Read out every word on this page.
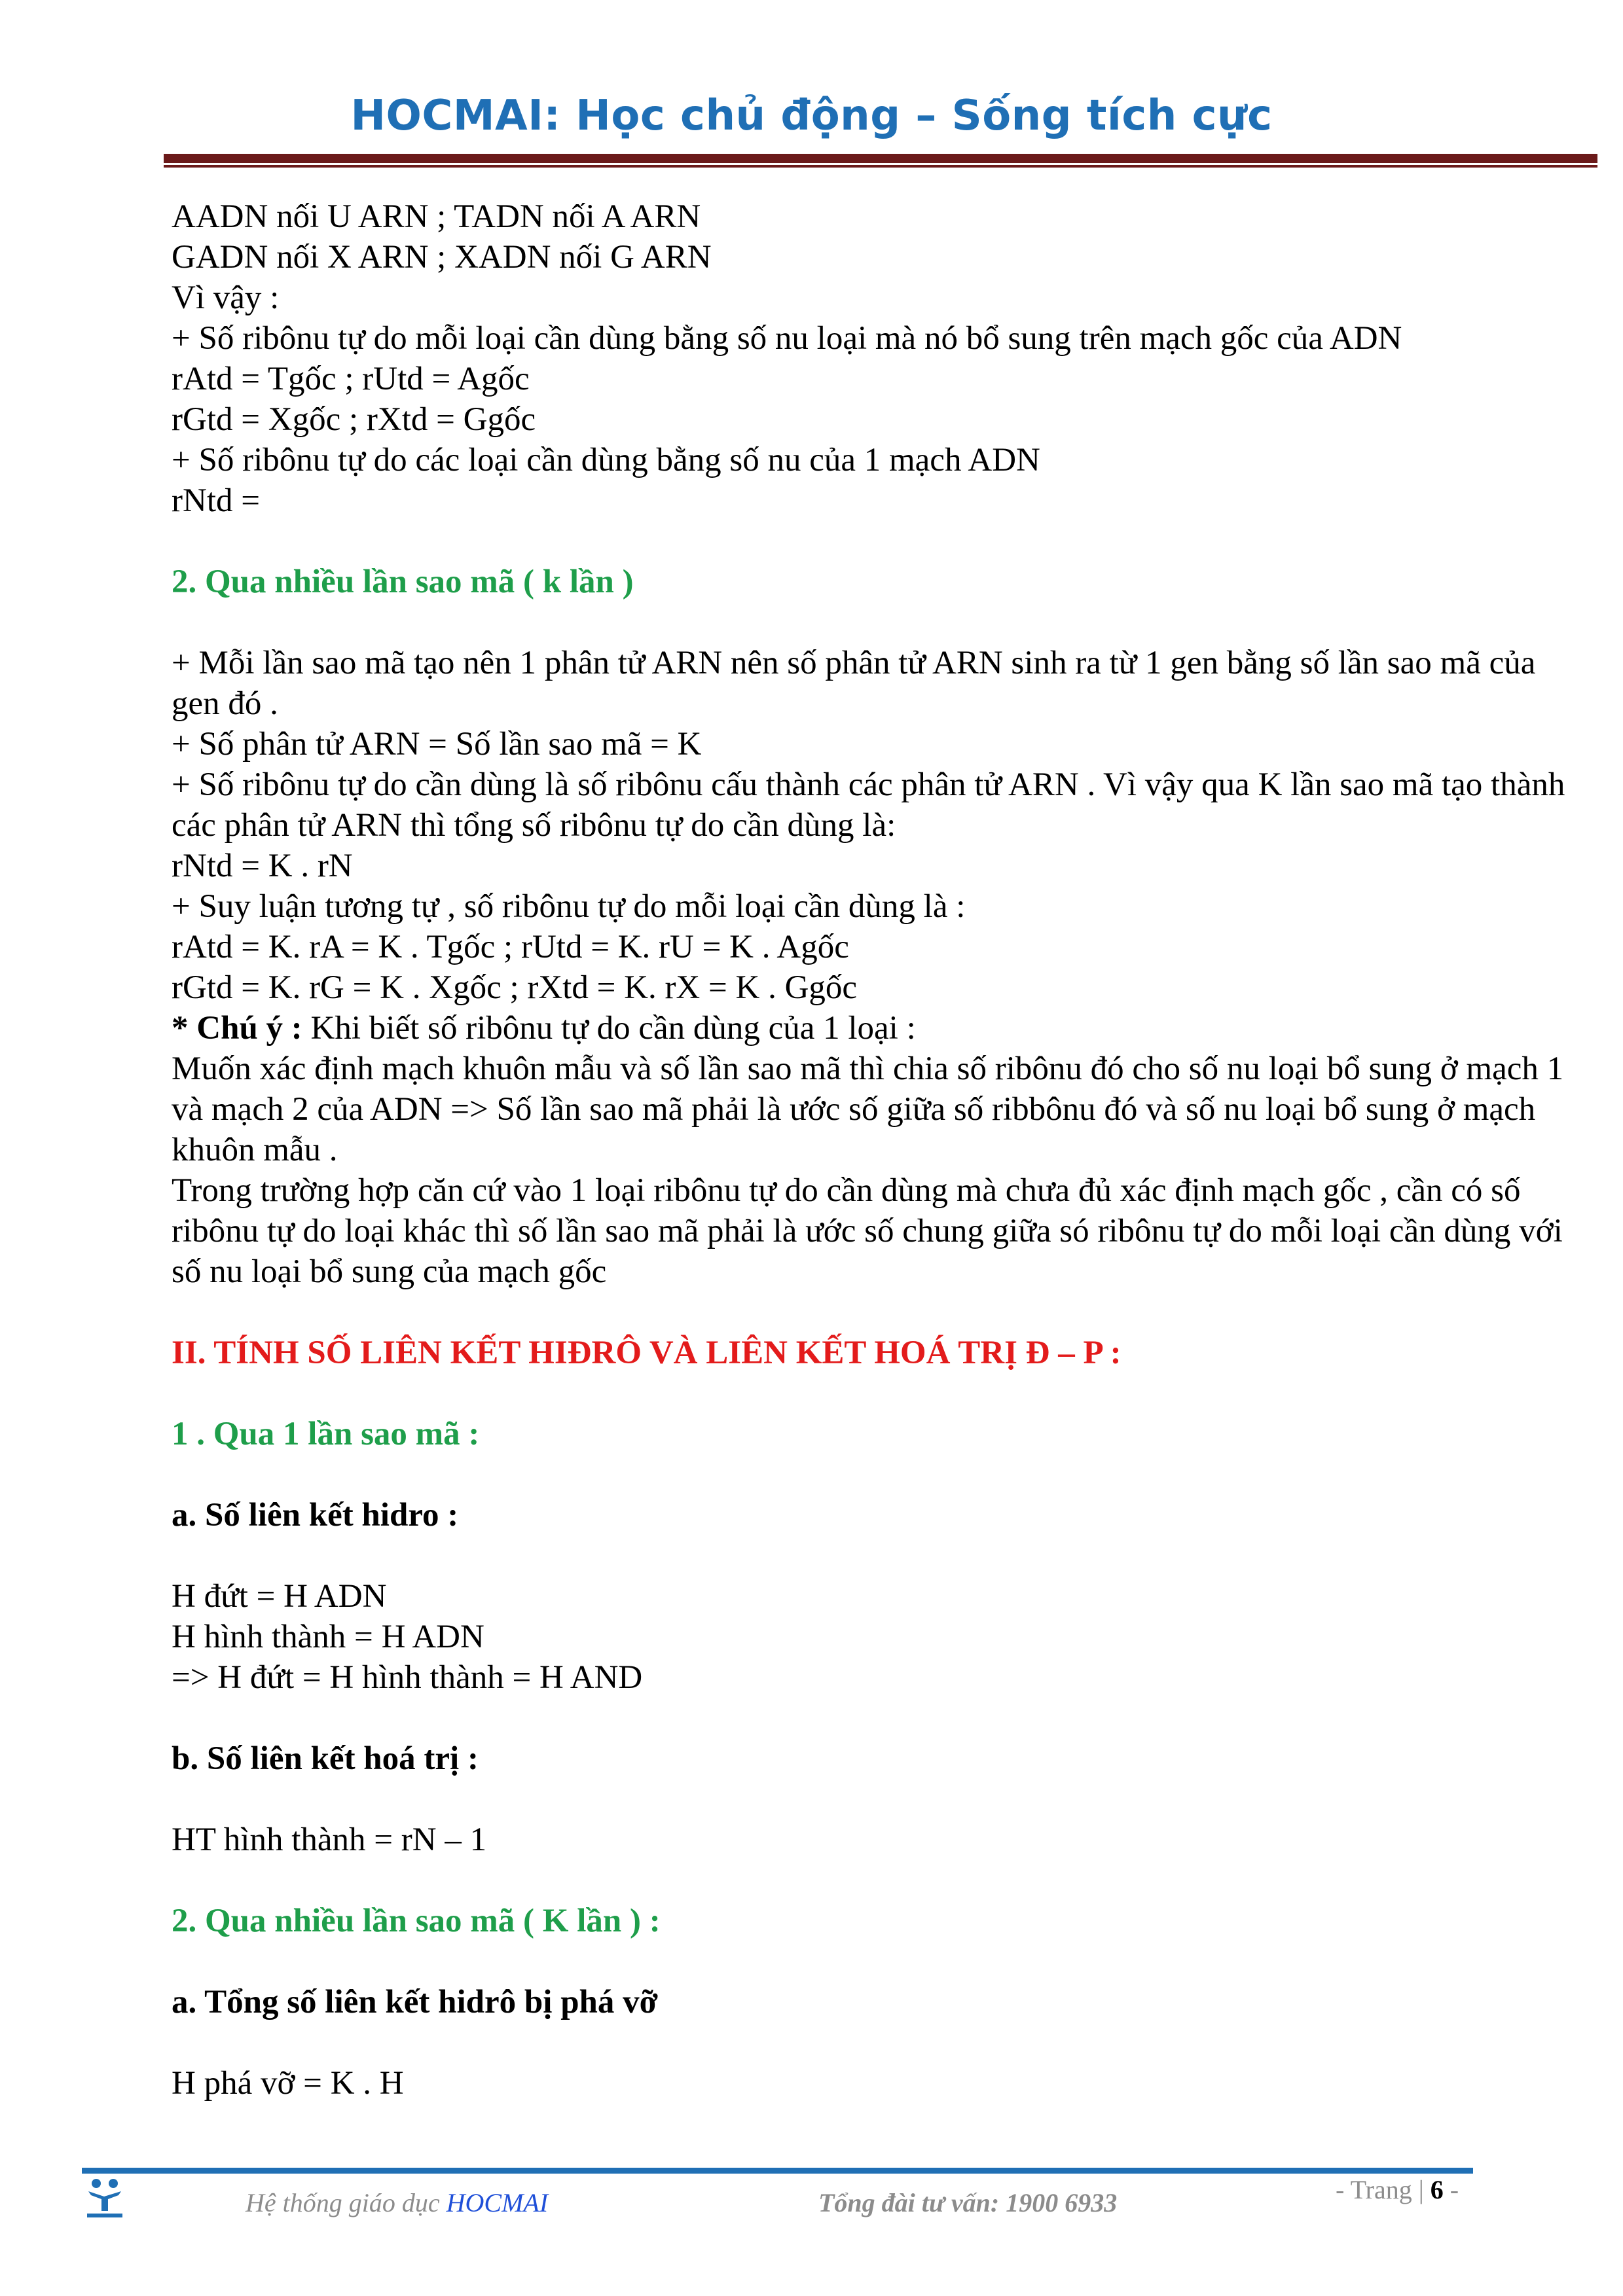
HOCMAI: Học chủ động – Sống tích cực

AADN nối U ARN ; TADN nối A ARN

GADN nối X ARN ; XADN nối G ARN

Vì vậy :

+ Số ribônu tự do mỗi loại cần dùng bằng số nu loại mà nó bổ sung trên mạch gốc của ADN

rAtd = Tgốc ; rUtd = Agốc

rGtd = Xgốc ; rXtd = Ggốc

+ Số ribônu tự do các loại cần dùng bằng số nu của 1 mạch ADN

rNtd =

2. Qua nhiều lần sao mã ( k lần )

+ Mỗi lần sao mã tạo nên 1 phân tử ARN nên số phân tử ARN sinh ra từ 1 gen bằng số lần sao mã của gen đó .

+ Số phân tử ARN = Số lần sao mã = K

+ Số ribônu tự do cần dùng là số ribônu cấu thành các phân tử ARN . Vì vậy qua K lần sao mã tạo thành các phân tử ARN thì tổng số ribônu tự do cần dùng là:

rNtd = K . rN

+ Suy luận tương tự , số ribônu tự do mỗi loại cần dùng là :

rAtd = K. rA = K . Tgốc ; rUtd = K. rU = K . Agốc

rGtd = K. rG = K . Xgốc ; rXtd = K. rX = K . Ggốc

* Chú ý : Khi biết số ribônu tự do cần dùng của 1 loại :

Muốn xác định mạch khuôn mẫu và số lần sao mã thì chia số ribônu đó cho số nu loại bổ sung ở mạch 1 và mạch 2 của ADN => Số lần sao mã phải là ước số giữa số ribbônu đó và số nu loại bổ sung ở mạch khuôn mẫu .

Trong trường hợp căn cứ vào 1 loại ribônu tự do cần dùng mà chưa đủ xác định mạch gốc , cần có số ribônu tự do loại khác thì số lần sao mã phải là ước số chung giữa só ribônu tự do mỗi loại cần dùng với số nu loại bổ sung của mạch gốc

II. TÍNH SỐ LIÊN KẾT HIĐRÔ VÀ LIÊN KẾT HOÁ TRỊ Đ – P :

1 . Qua 1 lần sao mã :

a. Số liên kết hidro :

H đứt = H ADN

H hình thành = H ADN

=> H đứt = H hình thành = H AND

b. Số liên kết hoá trị :

HT hình thành = rN – 1

2. Qua nhiều lần sao mã ( K lần ) :

a. Tổng số liên kết hidrô bị phá vỡ

H phá vỡ = K . H

Hệ thống giáo dục HOCMAI	Tổng đài tư vấn: 1900 6933	- Trang | 6 -
